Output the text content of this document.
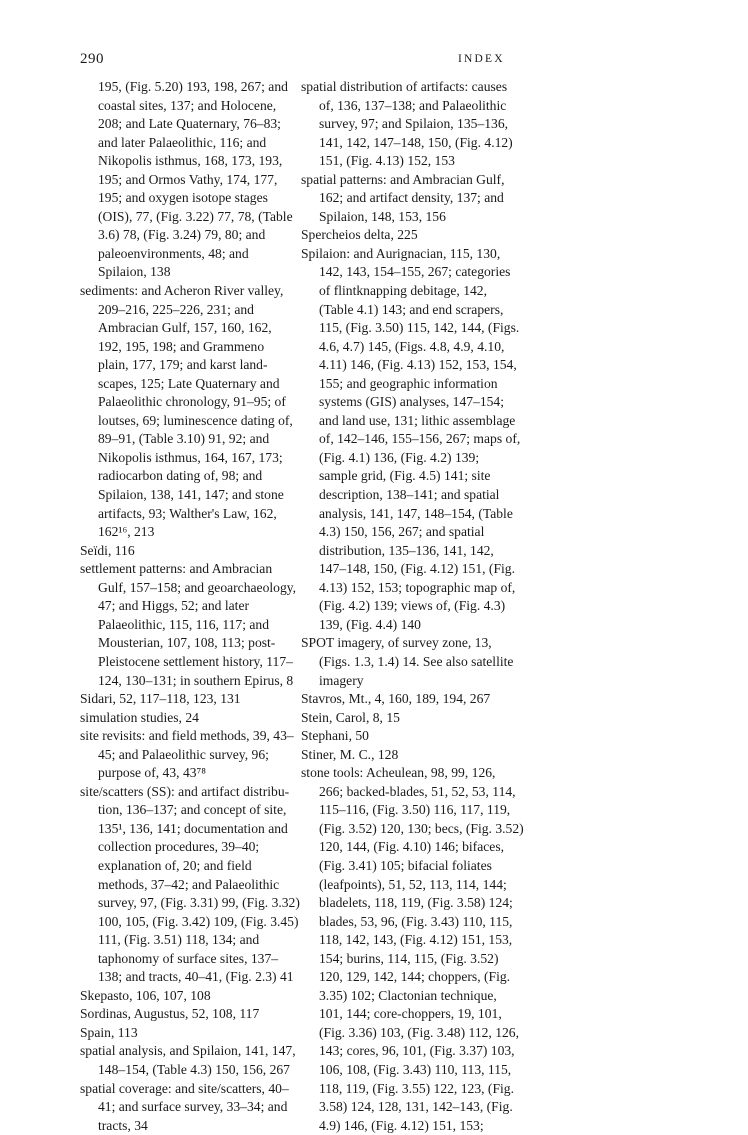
290	INDEX
195, (Fig. 5.20) 193, 198, 267; and
coastal sites, 137; and Holocene,
208; and Late Quaternary, 76–83;
and later Palaeolithic, 116; and
Nikopolis isthmus, 168, 173, 193,
195; and Ormos Vathy, 174, 177,
195; and oxygen isotope stages
(OIS), 77, (Fig. 3.22) 77, 78, (Table
3.6) 78, (Fig. 3.24) 79, 80; and
paleoenvironments, 48; and
Spilaion, 138
sediments: and Acheron River valley,
209–216, 225–226, 231; and
Ambracian Gulf, 157, 160, 162,
192, 195, 198; and Grammeno
plain, 177, 179; and karst land-
scapes, 125; Late Quaternary and
Palaeolithic chronology, 91–95; of
loutses, 69; luminescence dating of,
89–91, (Table 3.10) 91, 92; and
Nikopolis isthmus, 164, 167, 173;
radiocarbon dating of, 98; and
Spilaion, 138, 141, 147; and stone
artifacts, 93; Walther's Law, 162,
162¹⁶, 213
Seïdi, 116
settlement patterns: and Ambracian
Gulf, 157–158; and geoarchaeology,
47; and Higgs, 52; and later
Palaeolithic, 115, 116, 117; and
Mousterian, 107, 108, 113; post-
Pleistocene settlement history, 117–
124, 130–131; in southern Epirus, 8
Sidari, 52, 117–118, 123, 131
simulation studies, 24
site revisits: and field methods, 39, 43–
45; and Palaeolithic survey, 96;
purpose of, 43, 43⁷⁸
site/scatters (SS): and artifact distribu-
tion, 136–137; and concept of site,
135¹, 136, 141; documentation and
collection procedures, 39–40;
explanation of, 20; and field
methods, 37–42; and Palaeolithic
survey, 97, (Fig. 3.31) 99, (Fig. 3.32)
100, 105, (Fig. 3.42) 109, (Fig. 3.45)
111, (Fig. 3.51) 118, 134; and
taphonomy of surface sites, 137–
138; and tracts, 40–41, (Fig. 2.3) 41
Skepasto, 106, 107, 108
Sordinas, Augustus, 52, 108, 117
Spain, 113
spatial analysis, and Spilaion, 141, 147,
148–154, (Table 4.3) 150, 156, 267
spatial coverage: and site/scatters, 40–
41; and surface survey, 33–34; and
tracts, 34
spatial distribution of artifacts: causes
of, 136, 137–138; and Palaeolithic
survey, 97; and Spilaion, 135–136,
141, 142, 147–148, 150, (Fig. 4.12)
151, (Fig. 4.13) 152, 153
spatial patterns: and Ambracian Gulf,
162; and artifact density, 137; and
Spilaion, 148, 153, 156
Spercheios delta, 225
Spilaion: and Aurignacian, 115, 130,
142, 143, 154–155, 267; categories
of flintknapping debitage, 142,
(Table 4.1) 143; and end scrapers,
115, (Fig. 3.50) 115, 142, 144, (Figs.
4.6, 4.7) 145, (Figs. 4.8, 4.9, 4.10,
4.11) 146, (Fig. 4.13) 152, 153, 154,
155; and geographic information
systems (GIS) analyses, 147–154;
and land use, 131; lithic assemblage
of, 142–146, 155–156, 267; maps of,
(Fig. 4.1) 136, (Fig. 4.2) 139;
sample grid, (Fig. 4.5) 141; site
description, 138–141; and spatial
analysis, 141, 147, 148–154, (Table
4.3) 150, 156, 267; and spatial
distribution, 135–136, 141, 142,
147–148, 150, (Fig. 4.12) 151, (Fig.
4.13) 152, 153; topographic map of,
(Fig. 4.2) 139; views of, (Fig. 4.3)
139, (Fig. 4.4) 140
SPOT imagery, of survey zone, 13,
(Figs. 1.3, 1.4) 14. See also satellite
imagery
Stavros, Mt., 4, 160, 189, 194, 267
Stein, Carol, 8, 15
Stephani, 50
Stiner, M. C., 128
stone tools: Acheulean, 98, 99, 126,
266; backed-blades, 51, 52, 53, 114,
115–116, (Fig. 3.50) 116, 117, 119,
(Fig. 3.52) 120, 130; becs, (Fig. 3.52)
120, 144, (Fig. 4.10) 146; bifaces,
(Fig. 3.41) 105; bifacial foliates
(leafpoints), 51, 52, 113, 114, 144;
bladelets, 118, 119, (Fig. 3.58) 124;
blades, 53, 96, (Fig. 3.43) 110, 115,
118, 142, 143, (Fig. 4.12) 151, 153,
154; burins, 114, 115, (Fig. 3.52)
120, 129, 142, 144; choppers, (Fig.
3.35) 102; Clactonian technique,
101, 144; core-choppers, 19, 101,
(Fig. 3.36) 103, (Fig. 3.48) 112, 126,
143; cores, 96, 101, (Fig. 3.37) 103,
106, 108, (Fig. 3.43) 110, 113, 115,
118, 119, (Fig. 3.55) 122, 123, (Fig.
3.58) 124, 128, 131, 142–143, (Fig.
4.9) 146, (Fig. 4.12) 151, 153;
